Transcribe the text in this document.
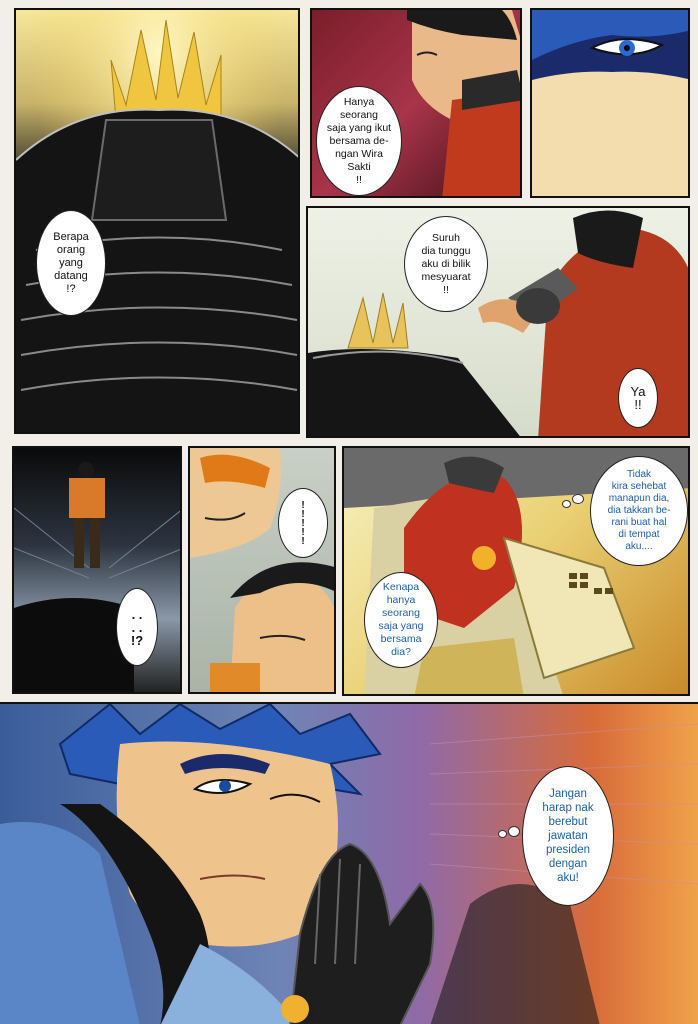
Berapa
orang
yang
datang
!?
Hanya
seorang
saja yang ikut
bersama de-
ngan Wira
Sakti
!!
Suruh
dia tunggu
aku di bilik
mesyuarat
!!
Ya
!!
. .
. .
!?
!
!
!
!
!
Tidak
kira sehebat
manapun dia,
dia takkan be-
rani buat hal
di tempat
aku....
Kenapa
hanya
seorang
saja yang
bersama
dia?
Jangan
harap nak
berebut
jawatan
presiden
dengan
aku!
14
